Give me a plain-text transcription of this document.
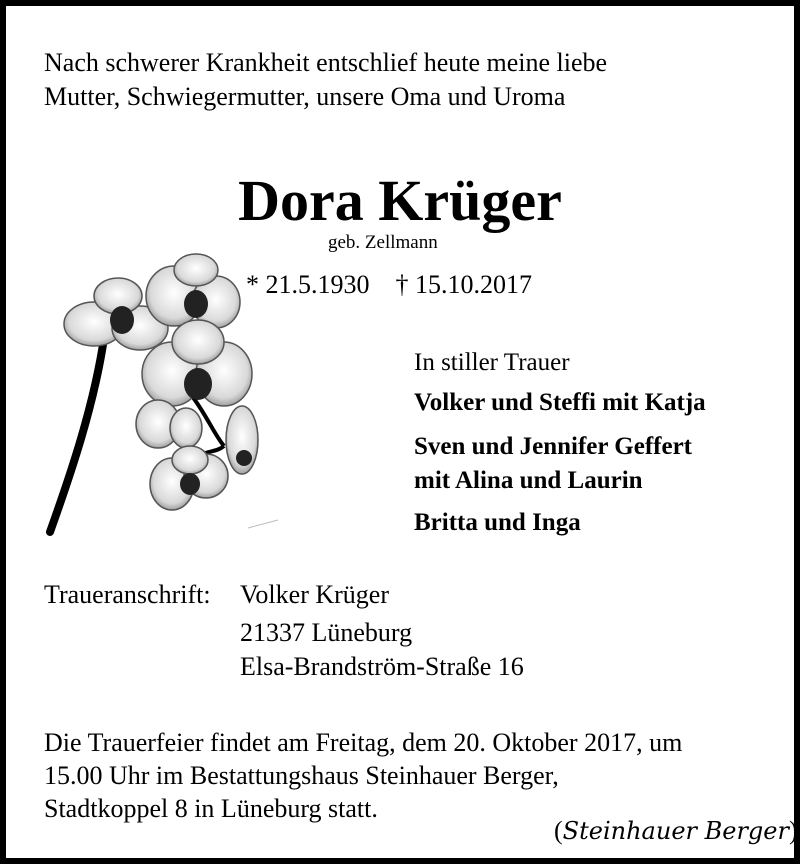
Nach schwerer Krankheit entschlief heute meine liebe
Mutter, Schwiegermutter, unsere Oma und Uroma
Dora Krüger
geb. Zellmann
* 21.5.1930 † 15.10.2017
In stiller Trauer
Volker und Steffi mit Katja
Sven und Jennifer Geffert
mit Alina und Laurin
Britta und Inga
Traueranschrift: Volker Krüger
21337 Lüneburg
Elsa-Brandström-Straße 16
Die Trauerfeier findet am Freitag, dem 20. Oktober 2017, um
15.00 Uhr im Bestattungshaus Steinhauer Berger,
Stadtkoppel 8 in Lüneburg statt.
(Steinhauer Berger)
